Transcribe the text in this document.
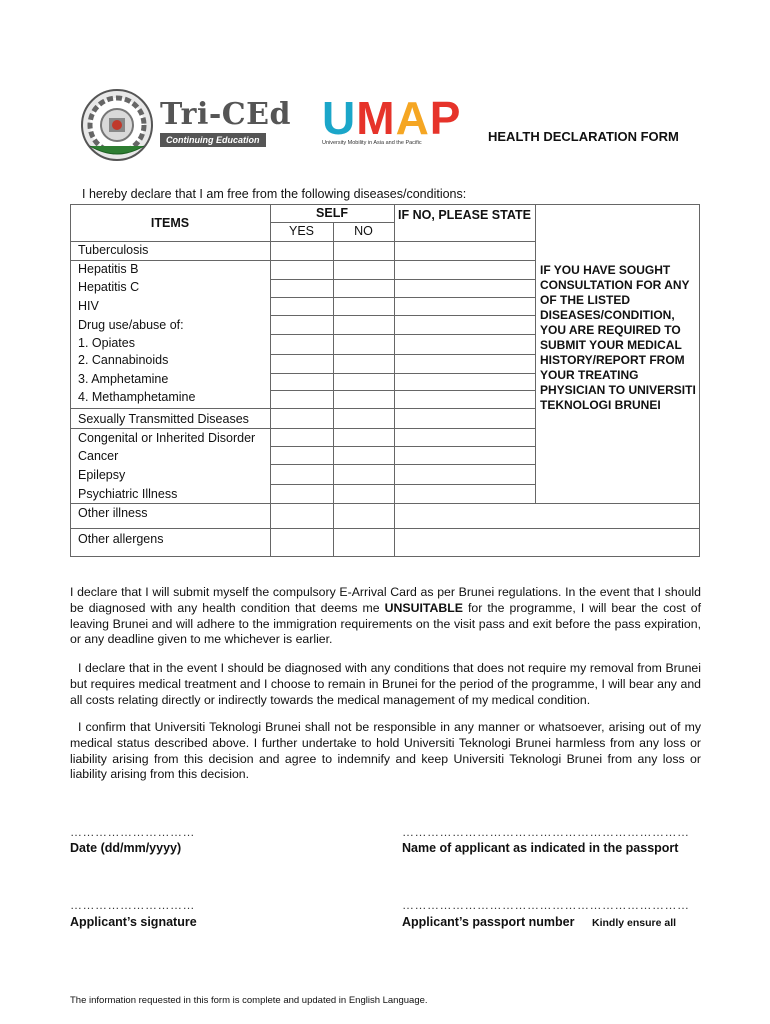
Tri-CEd
Continuing Education UMAP
University Mobility in Asia and the Pacific	HEALTH DECLARATION FORM
I hereby declare that I am free from the following diseases/conditions:
ITEMS
SELF
YES	NO
IF NO, PLEASE STATE
Tuberculosis
Hepatitis B
Hepatitis C
HIV
Drug use/abuse of:
1. Opiates
2. Cannabinoids
3. Amphetamine
4. Methamphetamine
Sexually Transmitted Diseases
Congenital or Inherited Disorder
Cancer
Epilepsy
Psychiatric Illness
Other illness
Other allergens
IF YOU HAVE SOUGHT CONSULTATION FOR ANY OF THE LISTED DISEASES/CONDITION, YOU ARE REQUIRED TO SUBMIT YOUR MEDICAL HISTORY/REPORT FROM YOUR TREATING PHYSICIAN TO UNIVERSITI TEKNOLOGI BRUNEI
I declare that I will submit myself the compulsory E-Arrival Card as per Brunei regulations. In the event that I should be diagnosed with any health condition that deems me UNSUITABLE for the programme, I will bear the cost of leaving Brunei and will adhere to the immigration requirements on the visit pass and exit before the pass expiration, or any deadline given to me whichever is earlier.
I declare that in the event I should be diagnosed with any conditions that does not require my removal from Brunei but requires medical treatment and I choose to remain in Brunei for the period of the programme, I will bear any and all costs relating directly or indirectly towards the medical management of my medical condition.
I confirm that Universiti Teknologi Brunei shall not be responsible in any manner or whatsoever, arising out of my medical status described above. I further undertake to hold Universiti Teknologi Brunei harmless from any loss or liability arising from this decision and agree to indemnify and keep Universiti Teknologi Brunei from any loss or liability arising from this decision.
…………………………	……………………………………………………………
Date (dd/mm/yyyy)	Name of applicant as indicated in the passport
…………………………	……………………………………………………………
Applicant’s signature	Applicant’s passport number Kindly ensure all
The information requested in this form is complete and updated in English Language.
